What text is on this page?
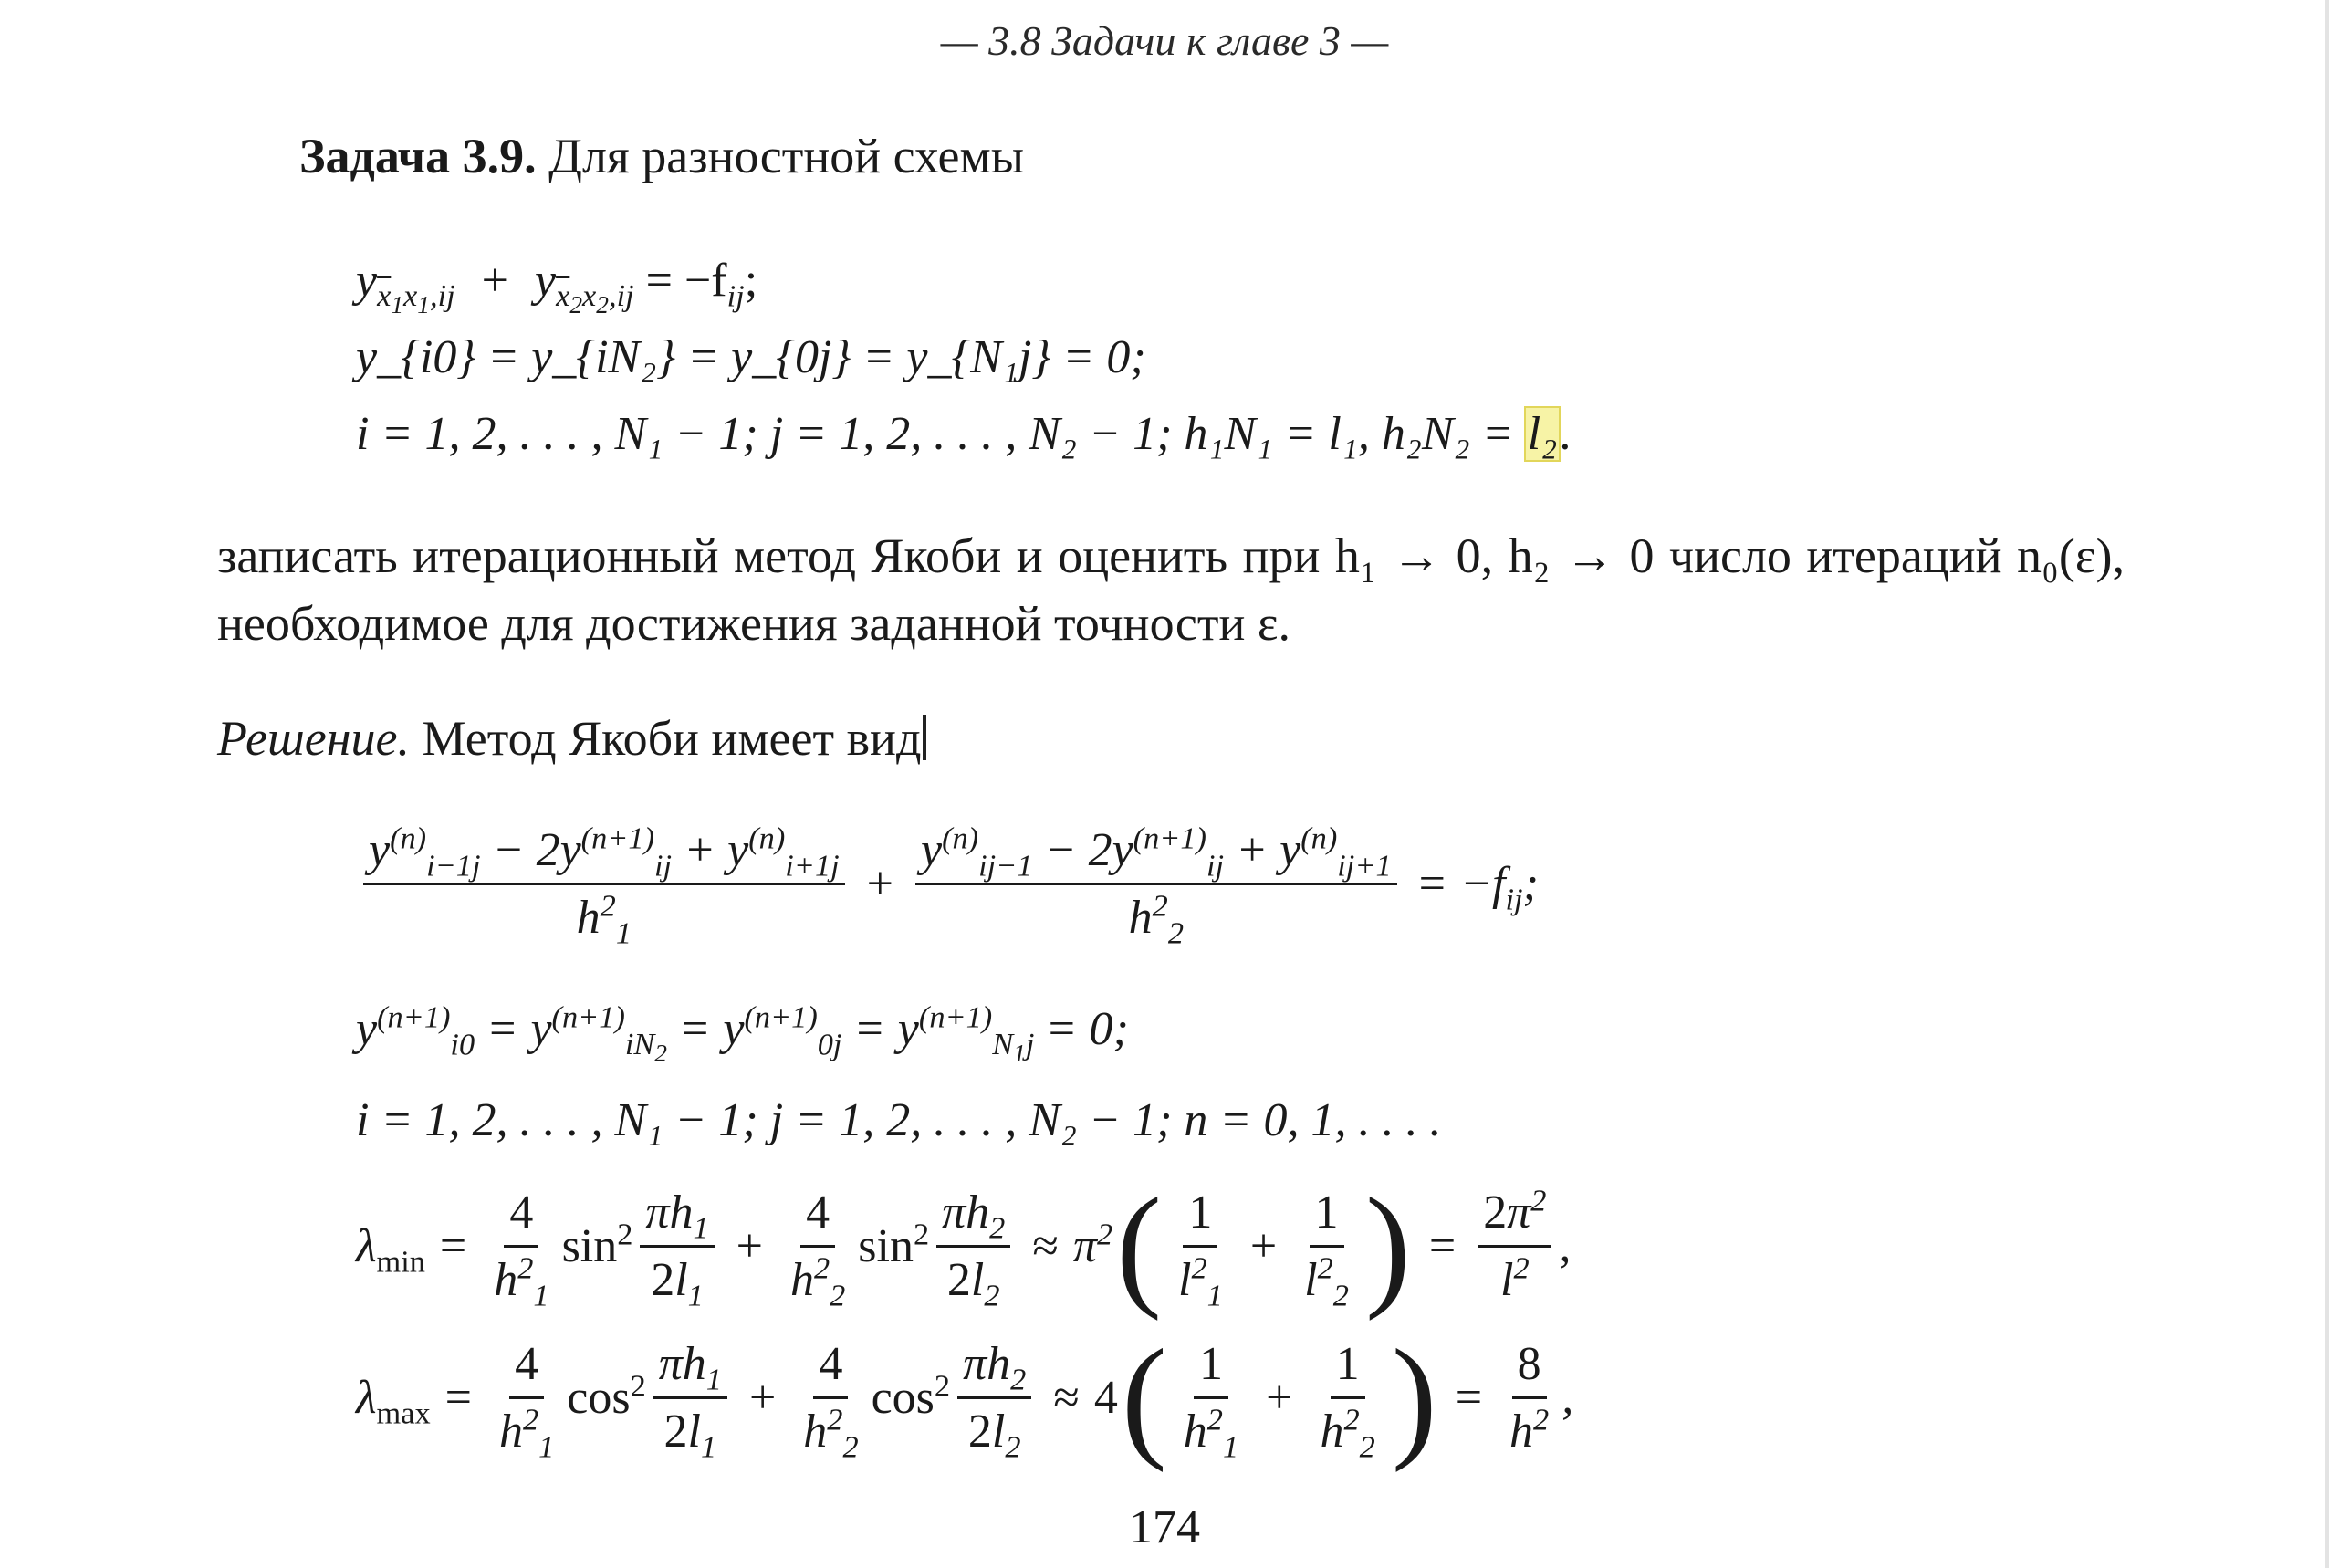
— 3.8 Задачи к главе 3 —
Задача 3.9. Для разностной схемы
$y_{\overline{x}_1x_1,ij} + y_{\overline{x}_2x_2,ij} = -f_{ij}$;
y_{i0} = y_{iN₂} = y_{0j} = y_{N₁j} = 0;
i = 1, 2, . . . , N₁ − 1; j = 1, 2, . . . , N₂ − 1; h₁N₁ = l₁, h₂N₂ = l₂.
записать итерационный метод Якоби и оценить при h₁ → 0, h₂ → 0 число итераций n₀(ε), необходимое для достижения заданной точности ε.
Решение. Метод Якоби имеет вид
$\frac{y^{(n)}_{i-1j} - 2y^{(n+1)}_{ij} + y^{(n)}_{i+1j}}{h^2_1} + \frac{y^{(n)}_{ij-1} - 2y^{(n+1)}_{ij} + y^{(n)}_{ij+1}}{h^2_2} = -f_{ij}$;
$y^{(n+1)}_{i0} = y^{(n+1)}_{iN_2} = y^{(n+1)}_{0j} = y^{(n+1)}_{N_1j} = 0$;
i = 1, 2, . . . , N₁ − 1; j = 1, 2, . . . , N₂ − 1; n = 0, 1, . . . .
$\lambda_{min} = \frac{4}{h^2_1} \sin^2 \frac{\pi h_1}{2l_1} + \frac{4}{h^2_2} \sin^2 \frac{\pi h_2}{2l_2} \approx \pi^2$ ( $\frac{1}{l^2_1} + \frac{1}{l^2_2}$ ) = $\frac{2\pi^2}{l^2}$ ,
$\lambda_{max} = \frac{4}{h^2_1} \cos^2 \frac{\pi h_1}{2l_1} + \frac{4}{h^2_2} \cos^2 \frac{\pi h_2}{2l_2} \approx 4$ ( $\frac{1}{h^2_1} + \frac{1}{h^2_2}$ ) = $\frac{8}{h^2}$ ,
174
